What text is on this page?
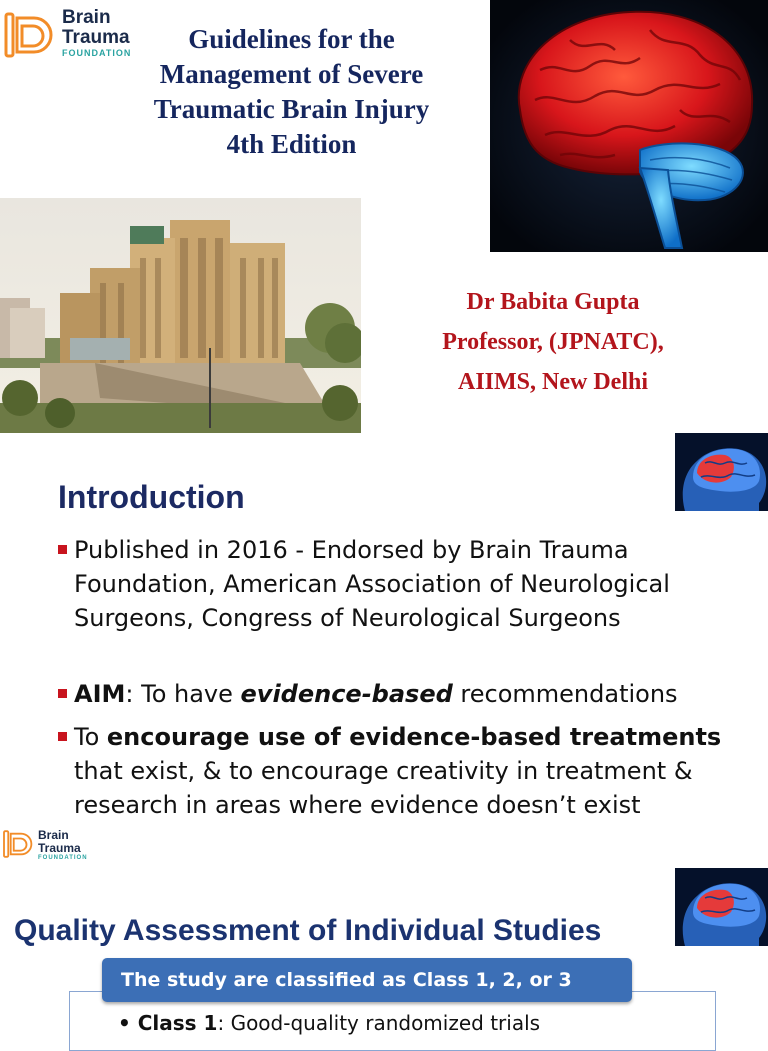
Brain
Trauma
FOUNDATION	Guidelines for the Management of Severe Traumatic Brain Injury 4th Edition
Dr Babita Gupta
Professor, (JPNATC),
AIIMS, New Delhi
Introduction
Published in 2016 - Endorsed by Brain Trauma Foundation, American Association of Neurological Surgeons, Congress of Neurological Surgeons
AIM: To have evidence-based recommendations
To encourage use of evidence-based treatments that exist, & to encourage creativity in treatment & research in areas where evidence doesn’t exist
Brain
Trauma
FOUNDATION
Quality Assessment of Individual Studies
The study are classified as Class 1, 2, or 3
• Class 1: Good-quality randomized trials
